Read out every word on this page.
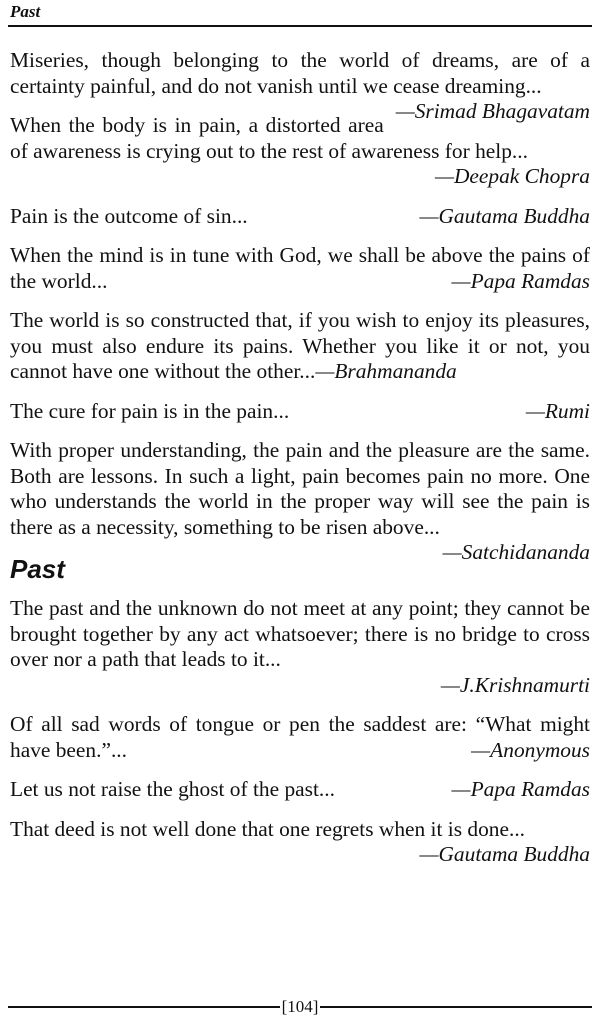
Past

Miseries, though belonging to the world of dreams, are of a certainty painful, and do not vanish until we cease dreaming...
—Srimad Bhagavatam

When the body is in pain, a distorted area of awareness is crying out to the rest of awareness for help...
—Deepak Chopra

Pain is the outcome of sin...	—Gautama Buddha

When the mind is in tune with God, we shall be above the pains of the world...	—Papa Ramdas

The world is so constructed that, if you wish to enjoy its pleasures, you must also endure its pains. Whether you like it or not, you cannot have one without the other...—Brahmananda

The cure for pain is in the pain...	—Rumi

With proper understanding, the pain and the pleasure are the same. Both are lessons. In such a light, pain becomes pain no more. One who understands the world in the proper way will see the pain is there as a necessity, something to be risen above...
—Satchidananda

Past

The past and the unknown do not meet at any point; they cannot be brought together by any act whatsoever; there is no bridge to cross over nor a path that leads to it...
—J.Krishnamurti

Of all sad words of tongue or pen the saddest are: “What might have been.”...	—Anonymous

Let us not raise the ghost of the past...	—Papa Ramdas

That deed is not well done that one regrets when it is done...
—Gautama Buddha

[104]
